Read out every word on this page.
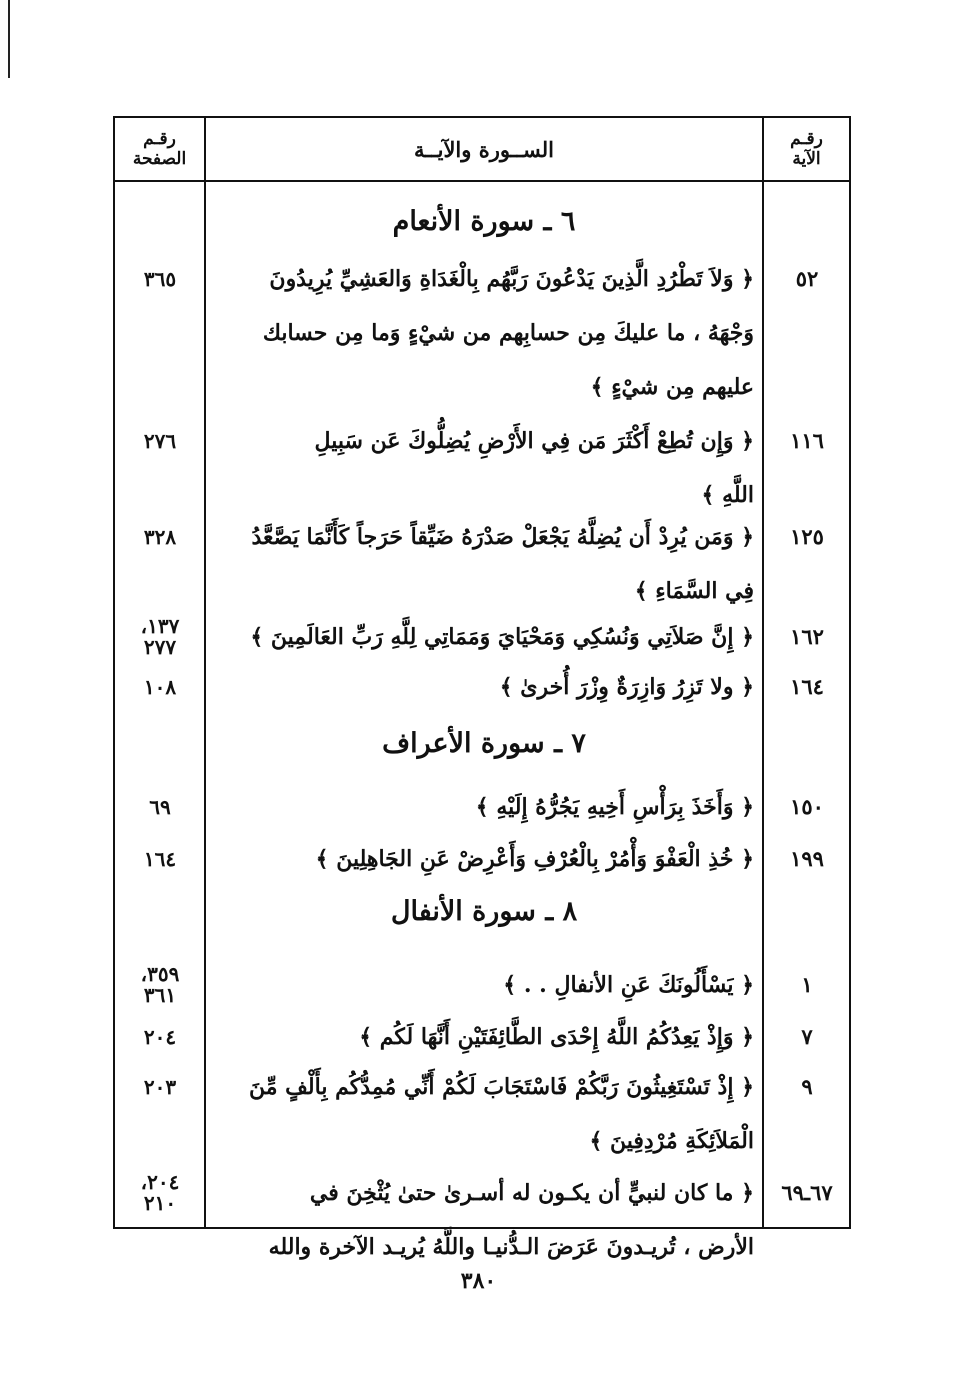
رقـم
الصفحة	الســورة والآيــة	رقـم
الآية
٦ ـ سورة الأنعام
٥٢
﴿ وَلاَ تَطْرُدِ الَّذِينَ يَدْعُونَ رَبَّهُم بِالْغَدَاةِ وَالعَشِيِّ يُرِيدُونَ
وَجْهَهُ ، ما عليكَ مِن حسابِهم من شيْءٍ وَما مِن حسابك
عليهم مِن شيْءٍ ﴾
٣٦٥
١١٦
﴿ وَإِن تُطِعْ أَكْثَرَ مَن فِي الأَرْضِ يُضِلُّوكَ عَن سَبِيلِ
اللَّهِ ﴾
٢٧٦
١٢٥
﴿ وَمَن يُرِدْ أَن يُضِلَّهُ يَجْعَلْ صَدْرَهُ ضَيِّقاً حَرَجاً كَأَنَّمَا يَصَّعَّدُ
فِي السَّمَاءِ ﴾
٣٢٨
١٦٢
﴿ إِنَّ صَلاَتِي وَنُسُكِي وَمَحْيَايَ وَمَمَاتِي لِلَّهِ رَبِّ العَالَمِينَ ﴾
١٣٧،
٢٧٧
١٦٤
﴿ ولا تَزِرُ وَازِرَةٌ وِزْرَ أُخرىٰ ﴾
١٠٨
٧ ـ سورة الأعراف
١٥٠
﴿ وَأَخَذَ بِرَأْسِ أَخِيهِ يَجُرُّهُ إِلَيْهِ ﴾
٦٩
١٩٩
﴿ خُذِ الْعَفْوَ وَأْمُرْ بِالْعُرْفِ وَأَعْرِضْ عَنِ الجَاهِلِينَ ﴾
١٦٤
٨ ـ سورة الأنفال
١
﴿ يَسْأَلُونَكَ عَنِ الأنفالِ . . ﴾
٣٥٩،
٣٦١
٧
﴿ وَإِذْ يَعِدُكُمُ اللَّهُ إِحْدَى الطَّائِفَتَيْنِ أَنَّهَا لَكُم ﴾
٢٠٤
٩
﴿ إِذْ تَسْتَغِيثُونَ رَبَّكُمْ فَاسْتَجَابَ لَكُمْ أَنِّي مُمِدُّكُم بِأَلْفٍ مِّنَ
الْمَلاَئِكَةِ مُرْدِفِينَ ﴾
٢٠٣
٦٧ـ٦٩
﴿ ما كان لنبيٍّ أن يكـون له أسـرىٰ حتىٰ يُثْخِنَ في
الأرض ، تُريـدونَ عَرَضَ الـدُّنيـا واللَّهُ يُريـد الآخرة والله
٢٠٤،
٢١٠
٣٨٠
